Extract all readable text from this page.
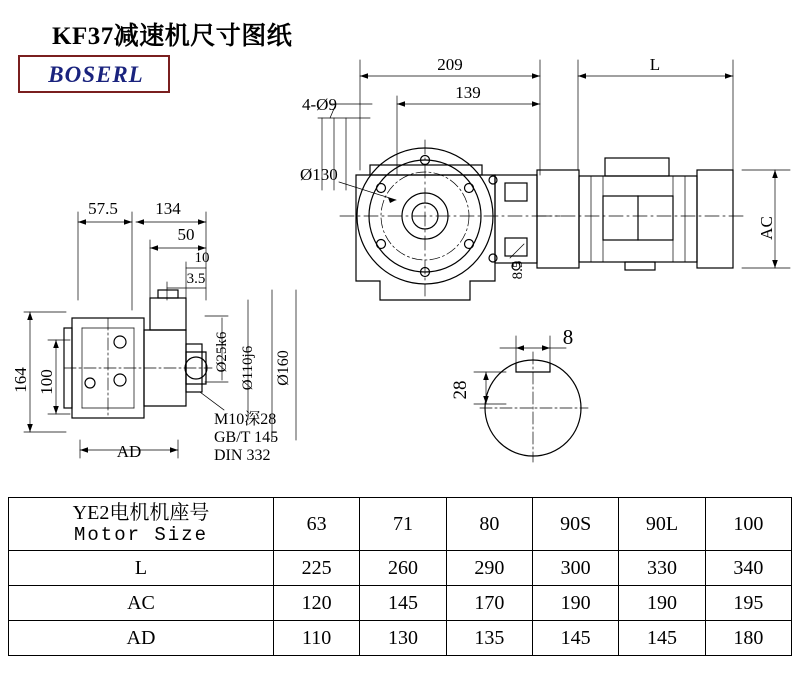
KF37减速机尺寸图纸
BOSERL	209	L
139
4-Ø9
Ø130
8.5
AC
57.5 134
50
10
3.5
164 100
AD
Ø25k6 Ø110j6 Ø160
M10深28
GB/T 145
DIN 332
8
28
YE2电机机座号
Motor Size	63	71	80	90S	90L	100
L	225	260	290	300	330	340
AC	120	145	170	190	190	195
AD	110	130	135	145	145	180
